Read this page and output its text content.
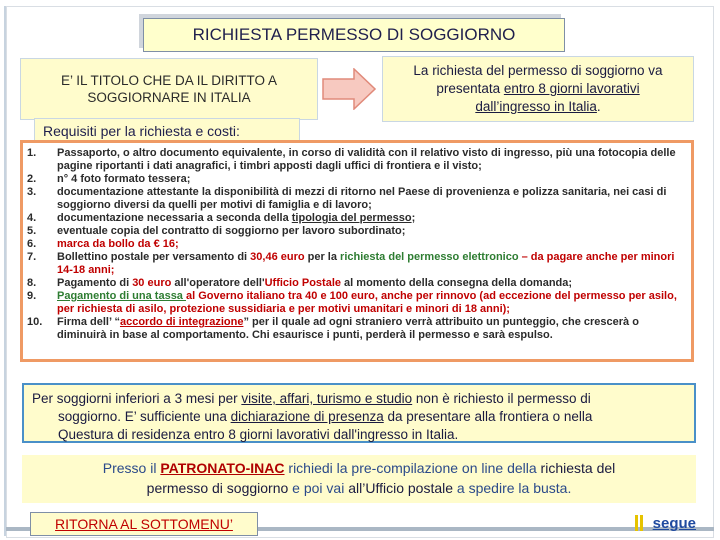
RICHIESTA PERMESSO DI SOGGIORNO
E’ IL TITOLO CHE DA IL DIRITTO A
SOGGIORNARE IN ITALIA
La richiesta del permesso di soggiorno va
presentata entro 8 giorni lavorativi
dall’ingresso in Italia.
Requisiti per la richiesta e costi:
1.	Passaporto, o altro documento equivalente, in corso di validità con il relativo visto di ingresso, più una fotocopia delle pagine riportanti i dati anagrafici, i timbri apposti dagli uffici di frontiera e il visto;
2.	n° 4 foto formato tessera;
3.	documentazione attestante la disponibilità di mezzi di ritorno nel Paese di provenienza e polizza sanitaria, nei casi di soggiorno diversi da quelli per motivi di famiglia e di lavoro;
4.	documentazione necessaria a seconda della tipologia del permesso;
5.	eventuale copia del contratto di soggiorno per lavoro subordinato;
6.	marca da bollo da € 16;
7.	Bollettino postale per versamento di 30,46 euro per la richiesta del permesso elettronico – da pagare anche per minori 14-18 anni;
8.	Pagamento di 30 euro all'operatore dell'Ufficio Postale al momento della consegna della domanda;
9.	Pagamento di una tassa al Governo italiano tra 40 e 100 euro, anche per rinnovo (ad eccezione del permesso per asilo, per richiesta di asilo, protezione sussidiaria e per motivi umanitari e minori di 18 anni);
10.	Firma dell’ “accordo di integrazione” per il quale ad ogni straniero verrà attribuito un punteggio, che crescerà o diminuirà in base al comportamento. Chi esaurisce i punti, perderà il permesso e sarà espulso.

Per soggiorni inferiori a 3 mesi per visite, affari, turismo e studio non è richiesto il permesso di

soggiorno. E’ sufficiente una dichiarazione di presenza da presentare alla frontiera o nella

Questura di residenza entro 8 giorni lavorativi dall'ingresso in Italia.

Presso il PATRONATO-INAC richiedi la pre-compilazione on line della richiesta del
permesso di soggiorno e poi vai all’Ufficio postale a spedire la busta.
RITORNA AL SOTTOMENU’	segue
